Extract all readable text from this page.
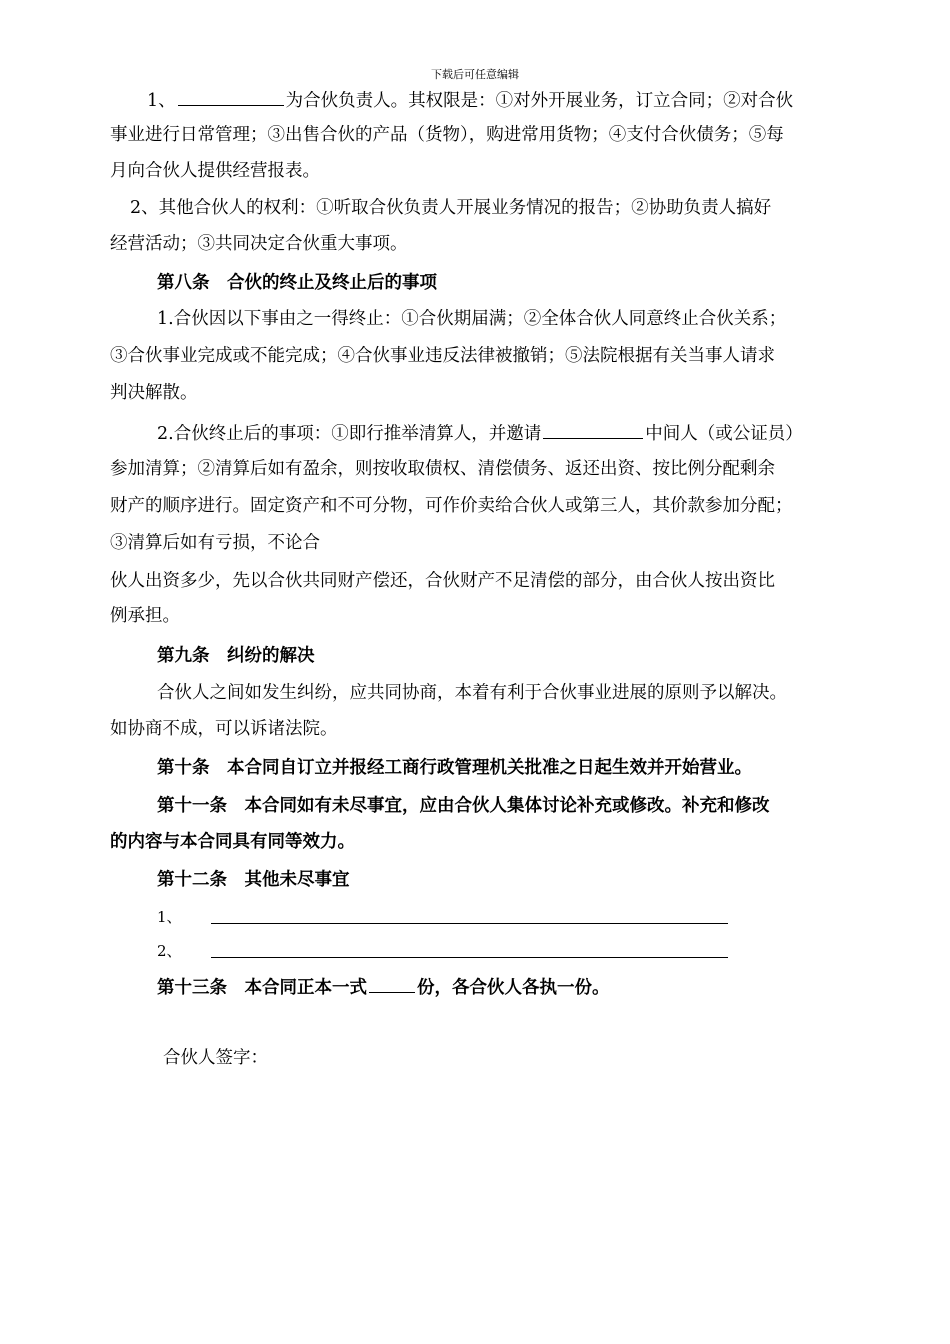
下载后可任意编辑
1、	为合伙负责人。其权限是：①对外开展业务，订立合同；②对合伙
事业进行日常管理；③出售合伙的产品（货物），购进常用货物；④支付合伙债务；⑤每
月向合伙人提供经营报表。
2、其他合伙人的权利：①听取合伙负责人开展业务情况的报告；②协助负责人搞好
经营活动；③共同决定合伙重大事项。
第八条　合伙的终止及终止后的事项
1.合伙因以下事由之一得终止：①合伙期届满；②全体合伙人同意终止合伙关系；
③合伙事业完成或不能完成；④合伙事业违反法律被撤销；⑤法院根据有关当事人请求
判决解散。
2.合伙终止后的事项：①即行推举清算人，并邀请	中间人（或公证员）
参加清算；②清算后如有盈余，则按收取债权、清偿债务、返还出资、按比例分配剩余
财产的顺序进行。固定资产和不可分物，可作价卖给合伙人或第三人，其价款参加分配；
③清算后如有亏损，不论合
伙人出资多少，先以合伙共同财产偿还，合伙财产不足清偿的部分，由合伙人按出资比
例承担。
第九条　纠纷的解决
合伙人之间如发生纠纷，应共同协商，本着有利于合伙事业进展的原则予以解决。
如协商不成，可以诉诸法院。
第十条　本合同自订立并报经工商行政管理机关批准之日起生效并开始营业。
第十一条　本合同如有未尽事宜，应由合伙人集体讨论补充或修改。补充和修改
的内容与本合同具有同等效力。
第十二条　其他未尽事宜
1、
2、
第十三条　本合同正本一式	份，各合伙人各执一份。
合伙人签字：
